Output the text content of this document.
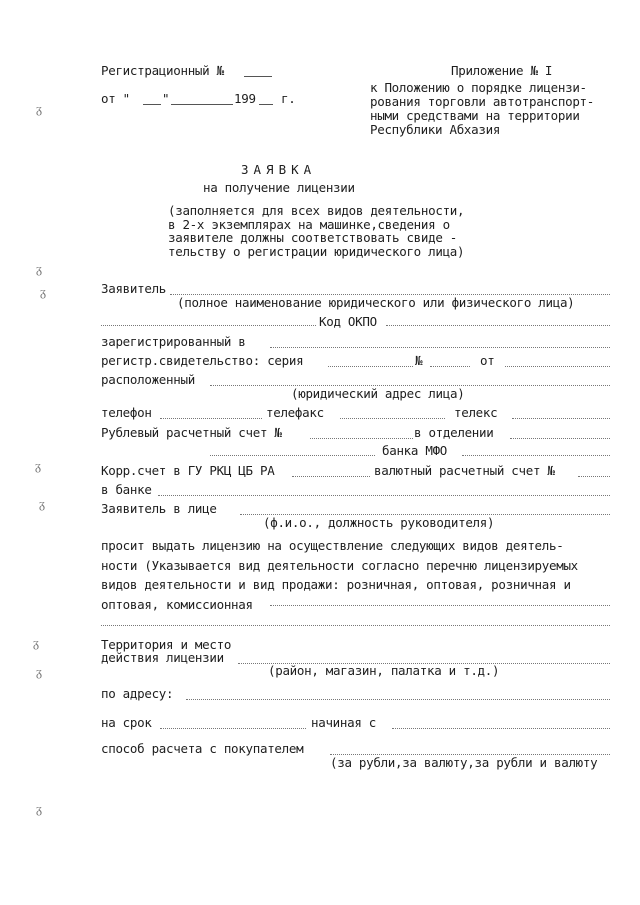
Регистрационный №
от "	"	199 г.
Приложение № I
к Положению о порядке лицензи-
рования торговли автотранспорт-
ными средствами на территории
Республики Абхазия
ЗАЯВКА
на получение лицензии
(заполняется для всех видов деятельности,
в 2-х экземплярах на машинке,сведения о
заявителе должны соответствовать свиде -
тельству о регистрации юридического лица)
Заявитель
(полное наименование юридического или физического лица)
Код ОКПО
зарегистрированный в
регистр.свидетельство: серия	№	от
расположенный
(юридический адрес лица)
телефон	телефакс	телекс
Рублевый расчетный счет №	в отделении
банка МФО
Корр.счет в ГУ РКЦ ЦБ РА	валютный расчетный счет №
в банке
Заявитель в лице
(ф.и.о., должность руководителя)
просит выдать лицензию на осуществление следующих видов деятель-
ности (Указывается вид деятельности согласно перечню лицензируемых
видов деятельности и вид продажи: розничная, оптовая, розничная и
оптовая, комиссионная
Территория и место
действия лицензии
(район, магазин, палатка и т.д.)
по адресу:
на срок	начиная с
способ расчета с покупателем
(за рубли,за валюту,за рубли и валюту
ᵹ
ᵹ
ᵹ
ᵹ
ᵹ
ᵹ
ᵹ
ᵹ
